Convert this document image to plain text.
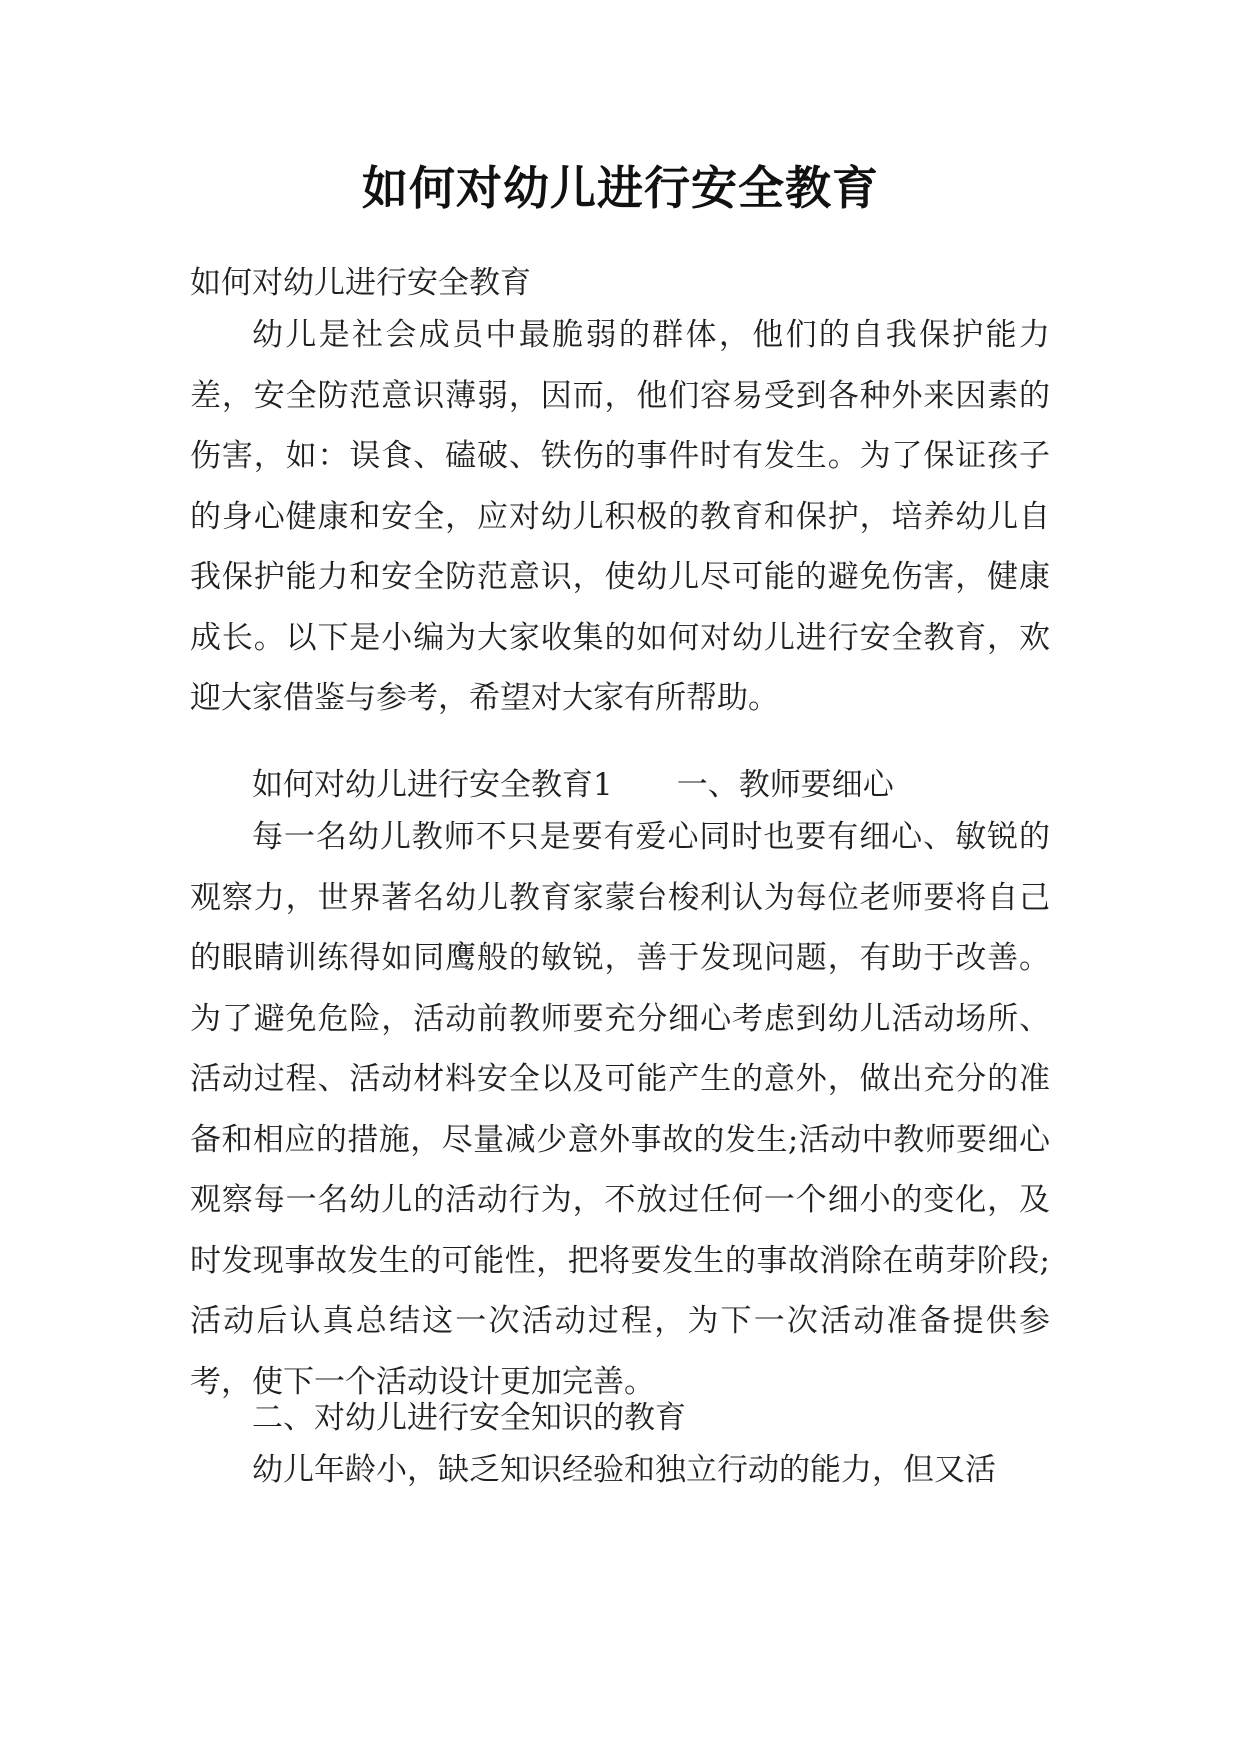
如何对幼儿进行安全教育

如何对幼儿进行安全教育

幼儿是社会成员中最脆弱的群体，他们的自我保护能力差，安全防范意识薄弱，因而，他们容易受到各种外来因素的伤害，如：误食、磕破、铁伤的事件时有发生。为了保证孩子的身心健康和安全，应对幼儿积极的教育和保护，培养幼儿自我保护能力和安全防范意识，使幼儿尽可能的避免伤害，健康成长。以下是小编为大家收集的如何对幼儿进行安全教育，欢迎大家借鉴与参考，希望对大家有所帮助。

如何对幼儿进行安全教育1 一、教师要细心

每一名幼儿教师不只是要有爱心同时也要有细心、敏锐的观察力，世界著名幼儿教育家蒙台梭利认为每位老师要将自己的眼睛训练得如同鹰般的敏锐，善于发现问题，有助于改善。为了避免危险，活动前教师要充分细心考虑到幼儿活动场所、活动过程、活动材料安全以及可能产生的意外，做出充分的准备和相应的措施，尽量减少意外事故的发生;活动中教师要细心观察每一名幼儿的活动行为，不放过任何一个细小的变化，及时发现事故发生的可能性，把将要发生的事故消除在萌芽阶段;活动后认真总结这一次活动过程，为下一次活动准备提供参考，使下一个活动设计更加完善。

二、对幼儿进行安全知识的教育

幼儿年龄小，缺乏知识经验和独立行动的能力，但又活
